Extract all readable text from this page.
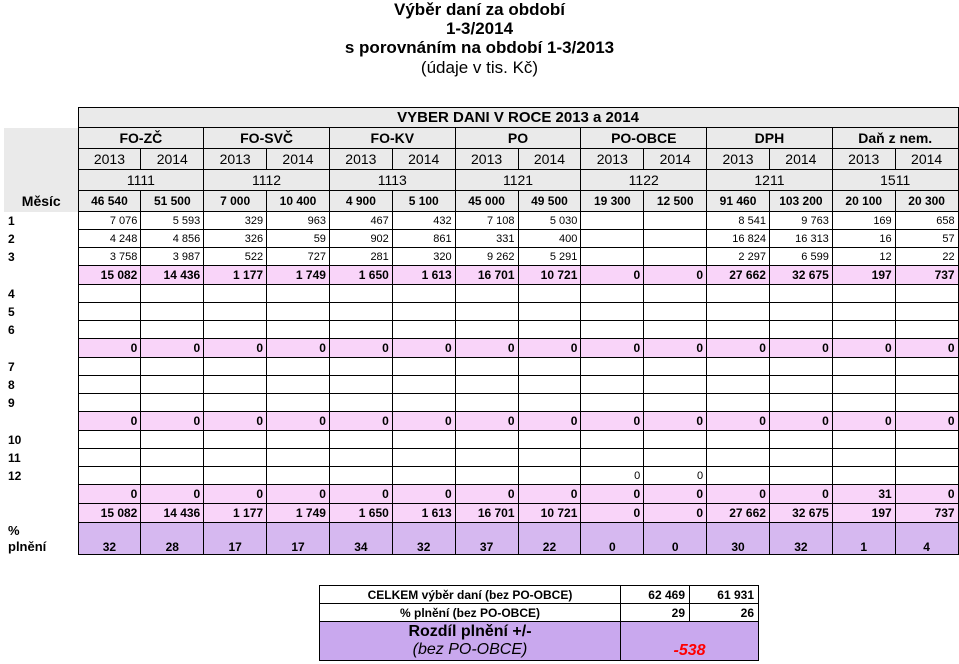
Výběr daní za období
1-3/2014
s porovnáním na období 1-3/2013
(údaje v tis. Kč)
	VYBER DANI V ROCE 2013 a 2014													
	FO-ZČ		FO-SVČ		FO-KV		PO		PO-OBCE		DPH		Daň z nem.	
	2013	2014	2013	2014	2013	2014	2013	2014	2013	2014	2013	2014	2013	2014
	1111		1112		1113		1121		1122		1211		1511	
Měsíc	46 540	51 500	7 000	10 400	4 900	5 100	45 000	49 500	19 300	12 500	91 460	103 200	20 100	20 300
1	7 076	5 593	329	963	467	432	7 108	5 030			8 541	9 763	169	658
2	4 248	4 856	326	59	902	861	331	400			16 824	16 313	16	57
3	3 758	3 987	522	727	281	320	9 262	5 291			2 297	6 599	12	22
	15 082	14 436	1 177	1 749	1 650	1 613	16 701	10 721	0	0	27 662	32 675	197	737
4														
5														
6														
	0	0	0	0	0	0	0	0	0	0	0	0	0	0
7														
8														
9														
	0	0	0	0	0	0	0	0	0	0	0	0	0	0
10														
11														
12									0	0				
	0	0	0	0	0	0	0	0	0	0	0	0	31	0
	15 082	14 436	1 177	1 749	1 650	1 613	16 701	10 721	0	0	27 662	32 675	197	737
%
plnění	32	28	17	17	34	32	37	22	0	0	30	32	1	4
CELKEM výběr daní (bez PO-OBCE)	62 469	61 931
% plnění (bez PO-OBCE)	29	26

Rozdíl plnění +/-
(bez PO-OBCE)	-538	
